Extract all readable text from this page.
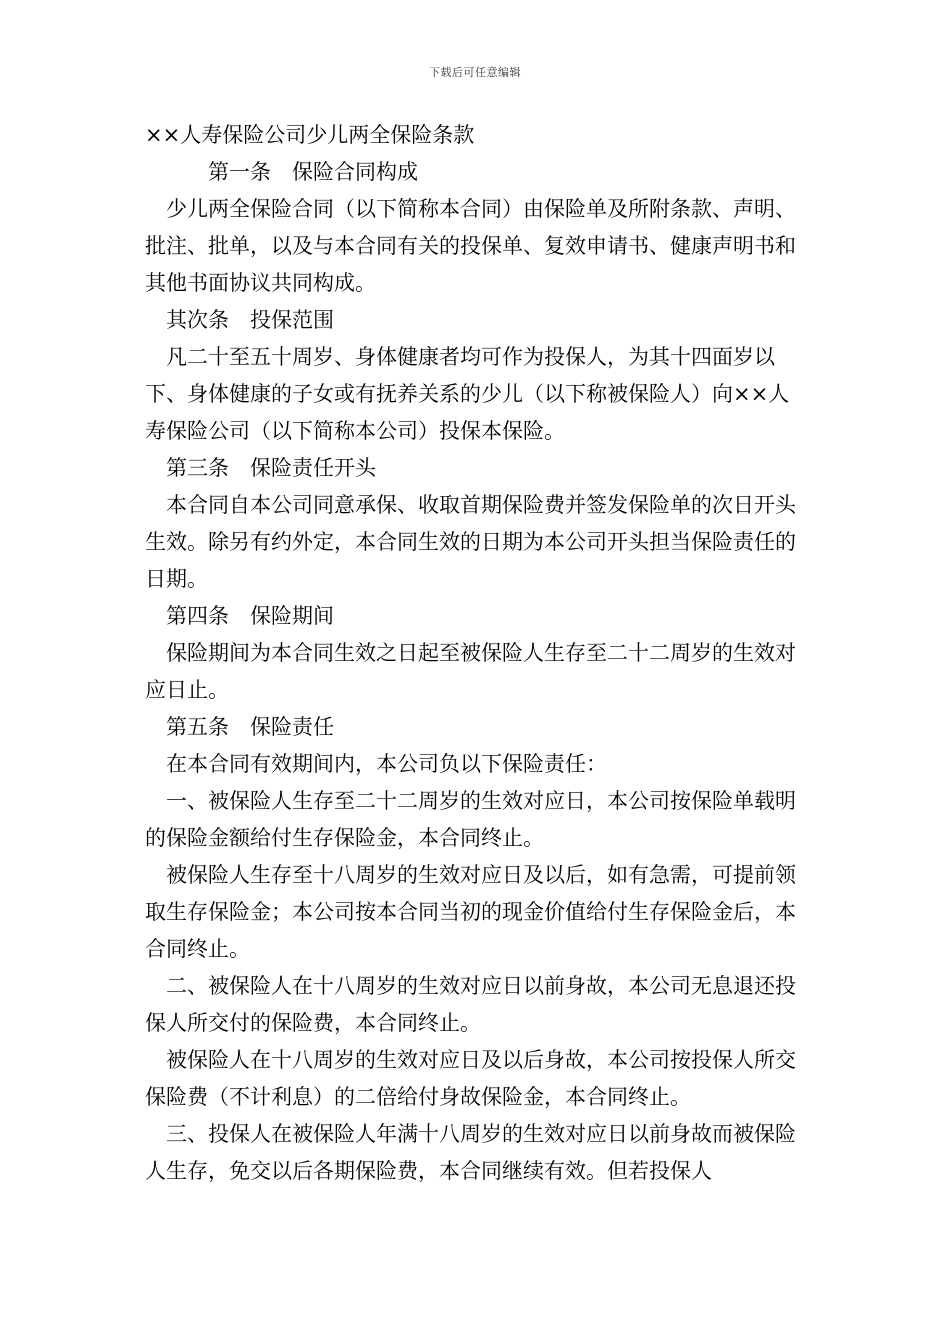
下载后可任意编辑
××人寿保险公司少儿两全保险条款
第一条　保险合同构成
少儿两全保险合同（以下简称本合同）由保险单及所附条款、声明、批注、批单，以及与本合同有关的投保单、复效申请书、健康声明书和其他书面协议共同构成。
其次条　投保范围
凡二十至五十周岁、身体健康者均可作为投保人，为其十四面岁以下、身体健康的子女或有抚养关系的少儿（以下称被保险人）向××人寿保险公司（以下简称本公司）投保本保险。
第三条　保险责任开头
本合同自本公司同意承保、收取首期保险费并签发保险单的次日开头生效。除另有约外定，本合同生效的日期为本公司开头担当保险责任的日期。
第四条　保险期间
保险期间为本合同生效之日起至被保险人生存至二十二周岁的生效对应日止。
第五条　保险责任
在本合同有效期间内，本公司负以下保险责任：
一、被保险人生存至二十二周岁的生效对应日，本公司按保险单载明的保险金额给付生存保险金，本合同终止。
被保险人生存至十八周岁的生效对应日及以后，如有急需，可提前领取生存保险金；本公司按本合同当初的现金价值给付生存保险金后，本合同终止。
二、被保险人在十八周岁的生效对应日以前身故，本公司无息退还投保人所交付的保险费，本合同终止。
被保险人在十八周岁的生效对应日及以后身故，本公司按投保人所交保险费（不计利息）的二倍给付身故保险金，本合同终止。
三、投保人在被保险人年满十八周岁的生效对应日以前身故而被保险人生存，免交以后各期保险费，本合同继续有效。但若投保人
